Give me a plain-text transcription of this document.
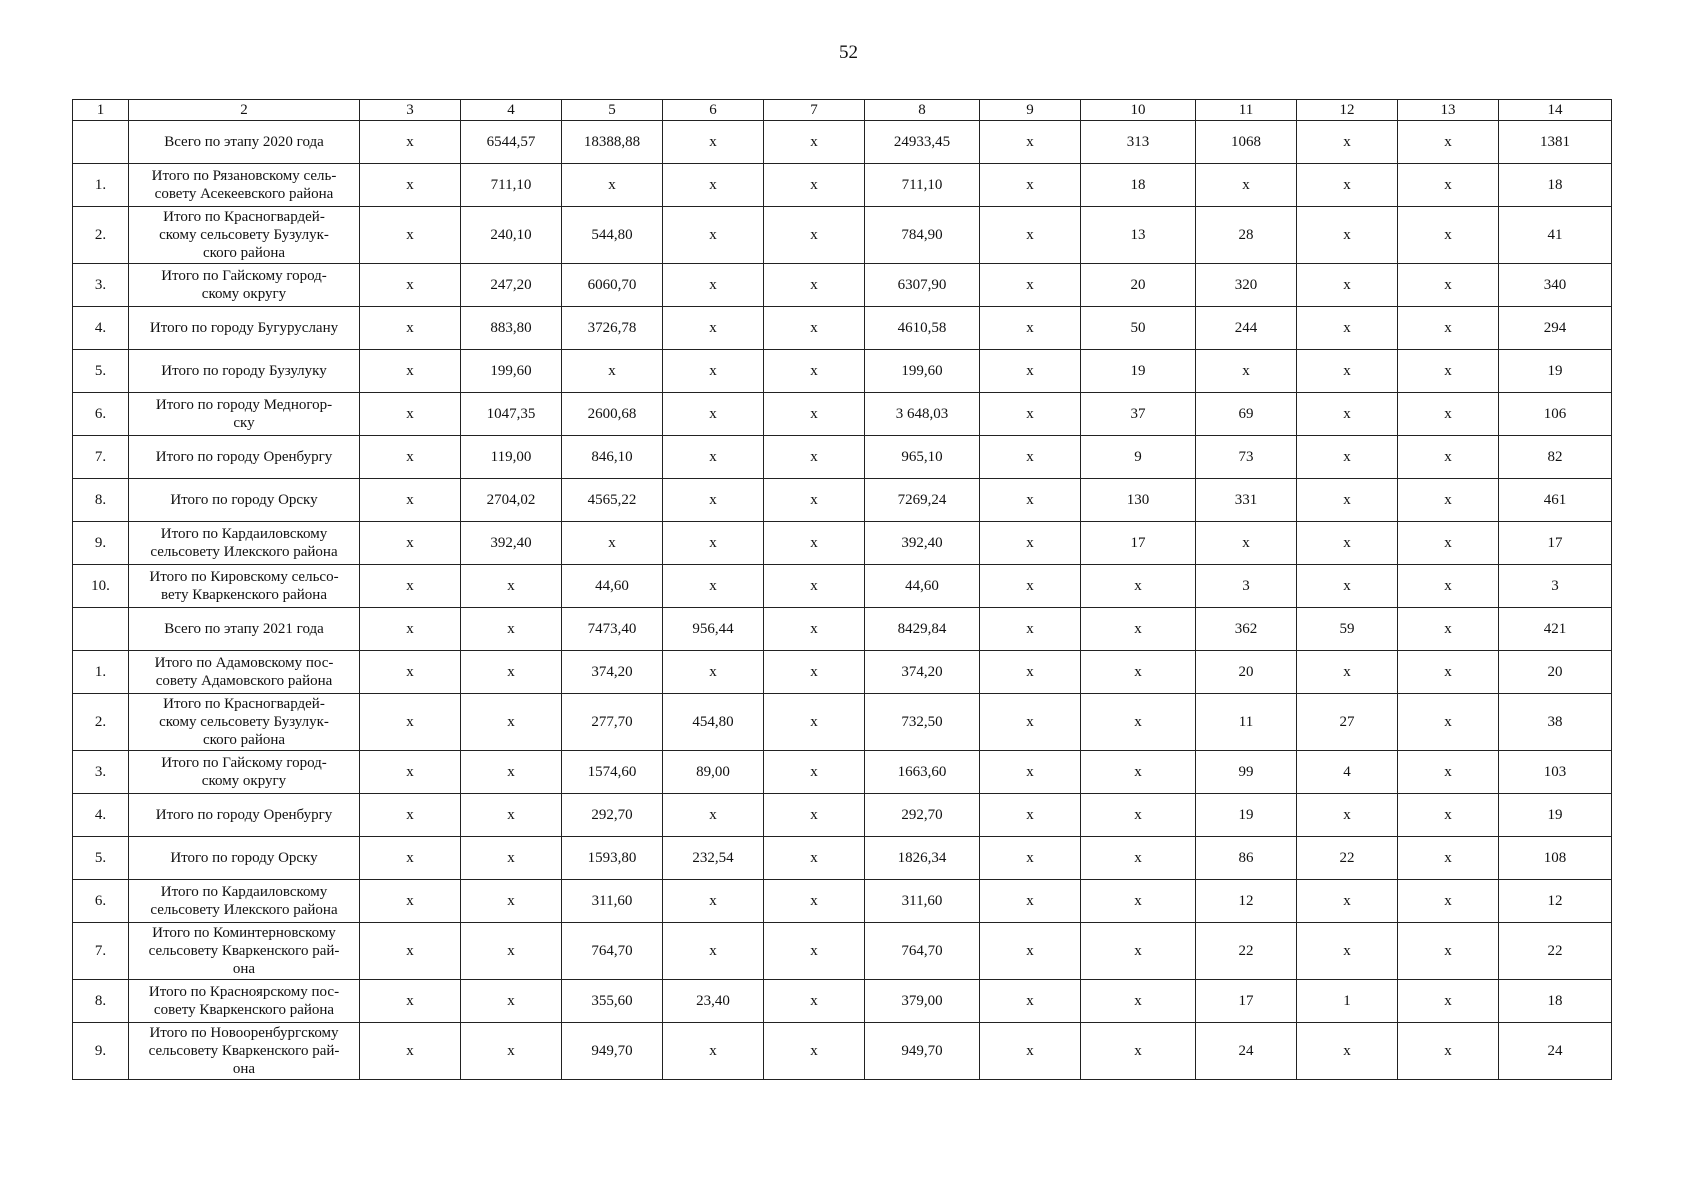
52
1	2	3	4	5	6	7	8	9	10	11	12	13	14
	Всего по этапу 2020 года	х	6544,57	18388,88	х	х	24933,45	х	313	1068	х	х	1381
1.	Итого по Рязановскому сель-
совету Асекеевского района	х	711,10	х	х	х	711,10	х	18	х	х	х	18
2.	Итого по Красногвардей-
скому сельсовету Бузулук-
ского района	х	240,10	544,80	х	х	784,90	х	13	28	х	х	41
3.	Итого по Гайскому город-
скому округу	х	247,20	6060,70	х	х	6307,90	х	20	320	х	х	340
4.	Итого по городу Бугуруслану	х	883,80	3726,78	х	х	4610,58	х	50	244	х	х	294
5.	Итого по городу Бузулуку	х	199,60	х	х	х	199,60	х	19	х	х	х	19
6.	Итого по городу Медногор-
ску	х	1047,35	2600,68	х	х	3 648,03	х	37	69	х	х	106
7.	Итого по городу Оренбургу	х	119,00	846,10	х	х	965,10	х	9	73	х	х	82
8.	Итого по городу Орску	х	2704,02	4565,22	х	х	7269,24	х	130	331	х	х	461
9.	Итого по Кардаиловскому
сельсовету Илекского района	х	392,40	х	х	х	392,40	х	17	х	х	х	17
10.	Итого по Кировскому сельсо-
вету Кваркенского района	х	х	44,60	х	х	44,60	х	х	3	х	х	3
	Всего по этапу 2021 года	х	х	7473,40	956,44	х	8429,84	х	х	362	59	х	421
1.	Итого по Адамовскому пос-
совету Адамовского района	х	х	374,20	х	х	374,20	х	х	20	х	х	20
2.	Итого по Красногвардей-
скому сельсовету Бузулук-
ского района	х	х	277,70	454,80	х	732,50	х	х	11	27	х	38
3.	Итого по Гайскому город-
скому округу	х	х	1574,60	89,00	х	1663,60	х	х	99	4	х	103
4.	Итого по городу Оренбургу	х	х	292,70	х	х	292,70	х	х	19	х	х	19
5.	Итого по городу Орску	х	х	1593,80	232,54	х	1826,34	х	х	86	22	х	108
6.	Итого по Кардаиловскому
сельсовету Илекского района	х	х	311,60	х	х	311,60	х	х	12	х	х	12
7.	Итого по Коминтерновскому
сельсовету Кваркенского рай-
она	х	х	764,70	х	х	764,70	х	х	22	х	х	22
8.	Итого по Красноярскому пос-
совету Кваркенского района	х	х	355,60	23,40	х	379,00	х	х	17	1	х	18
9.	Итого по Новооренбургскому
сельсовету Кваркенского рай-
она	х	х	949,70	х	х	949,70	х	х	24	х	х	24
